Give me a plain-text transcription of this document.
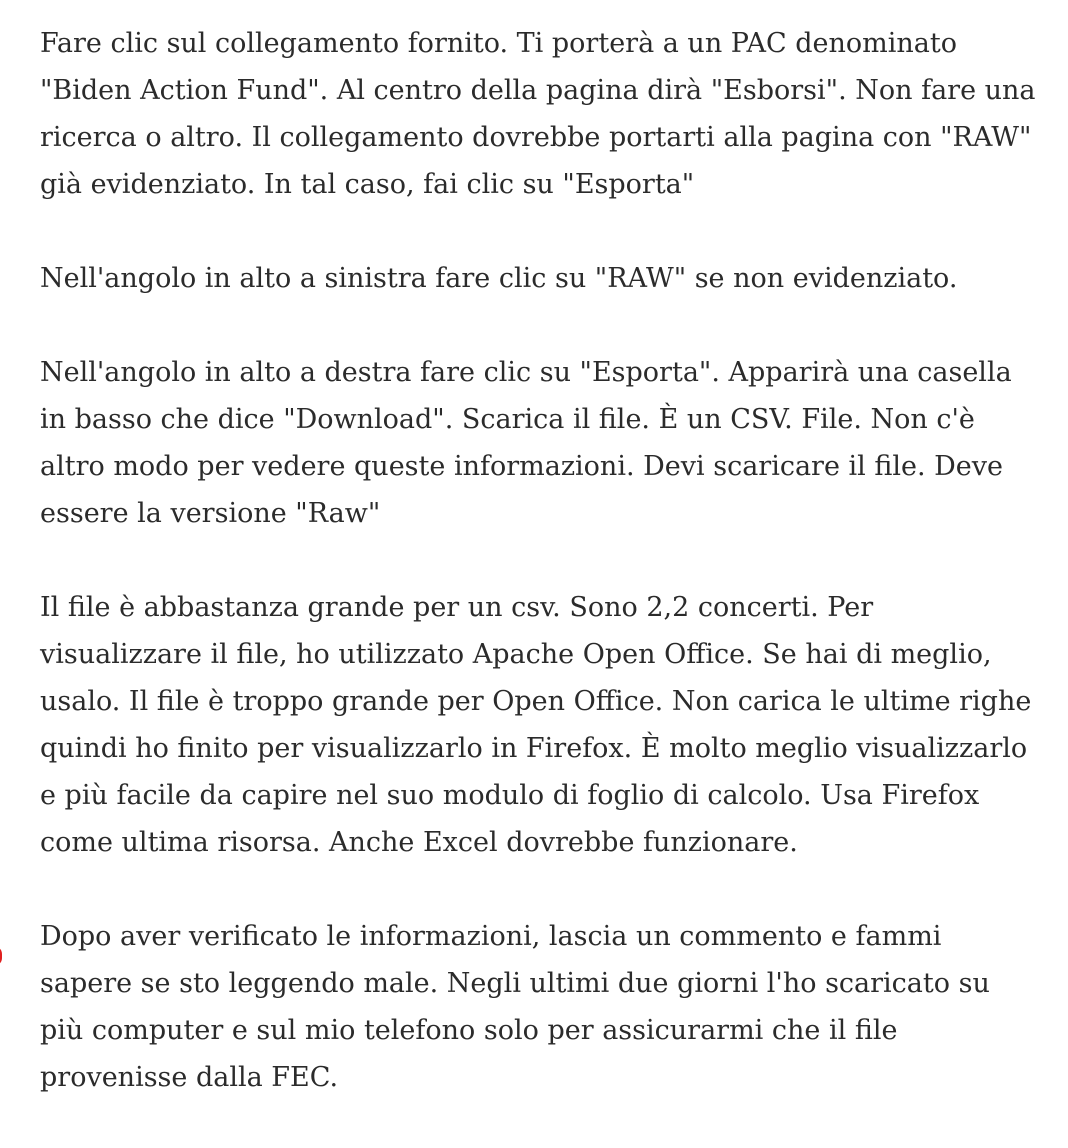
Fare clic sul collegamento fornito. Ti porterà a un PAC denominato "Biden Action Fund". Al centro della pagina dirà "Esborsi". Non fare una ricerca o altro. Il collegamento dovrebbe portarti alla pagina con "RAW" già evidenziato. In tal caso, fai clic su "Esporta"

Nell'angolo in alto a sinistra fare clic su "RAW" se non evidenziato.

Nell'angolo in alto a destra fare clic su "Esporta". Apparirà una casella in basso che dice "Download". Scarica il file. È un CSV. File. Non c'è altro modo per vedere queste informazioni. Devi scaricare il file. Deve essere la versione "Raw"

Il file è abbastanza grande per un csv. Sono 2,2 concerti. Per visualizzare il file, ho utilizzato Apache Open Office. Se hai di meglio, usalo. Il file è troppo grande per Open Office. Non carica le ultime righe quindi ho finito per visualizzarlo in Firefox. È molto meglio visualizzarlo e più facile da capire nel suo modulo di foglio di calcolo. Usa Firefox come ultima risorsa. Anche Excel dovrebbe funzionare.

Dopo aver verificato le informazioni, lascia un commento e fammi sapere se sto leggendo male. Negli ultimi due giorni l'ho scaricato su più computer e sul mio telefono solo per assicurarmi che il file provenisse dalla FEC.
